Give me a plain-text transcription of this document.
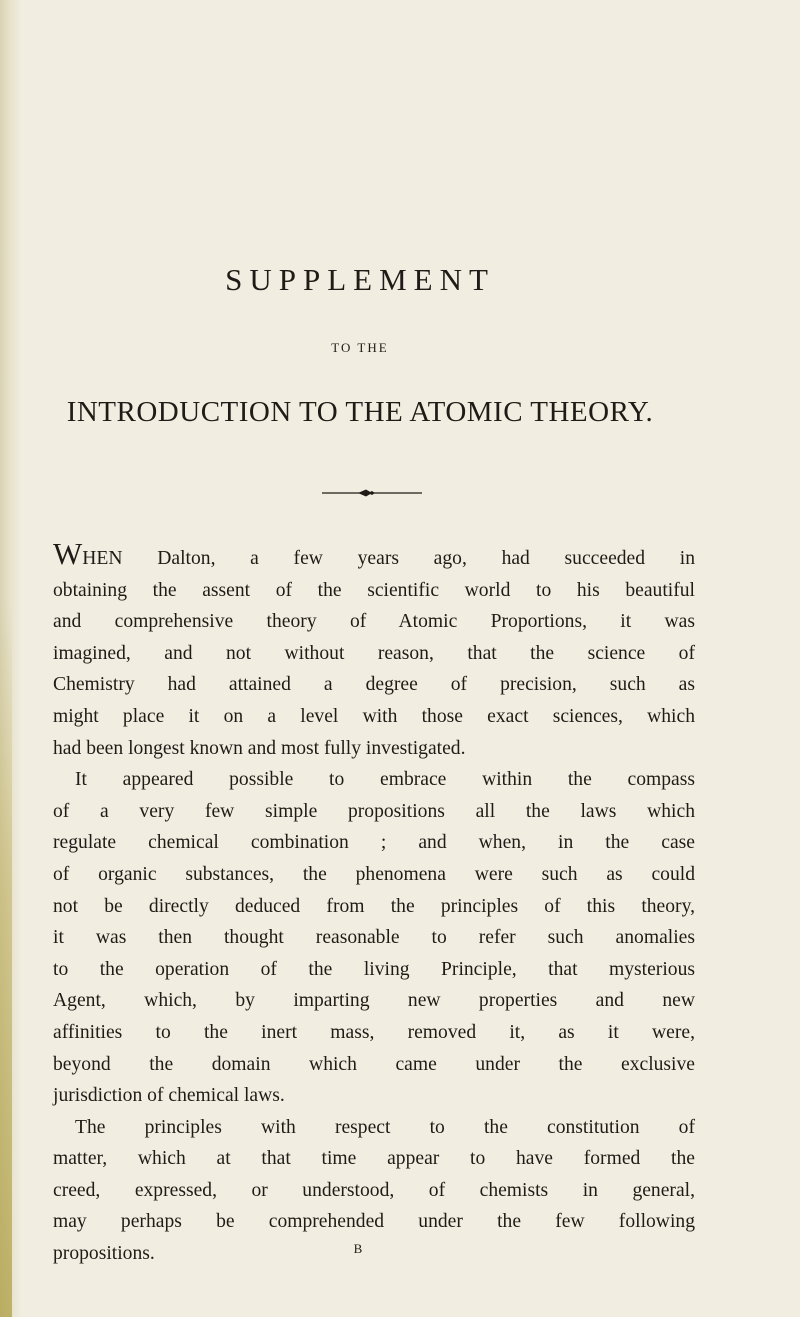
SUPPLEMENT
TO THE
INTRODUCTION TO THE ATOMIC THEORY.
WHEN Dalton, a few years ago, had succeeded in
obtaining the assent of the scientific world to his beautiful
and comprehensive theory of Atomic Proportions, it was
imagined, and not without reason, that the science of
Chemistry had attained a degree of precision, such as
might place it on a level with those exact sciences, which
had been longest known and most fully investigated.
It appeared possible to embrace within the compass
of a very few simple propositions all the laws which
regulate chemical combination ; and when, in the case
of organic substances, the phenomena were such as could
not be directly deduced from the principles of this theory,
it was then thought reasonable to refer such anomalies
to the operation of the living Principle, that mysterious
Agent, which, by imparting new properties and new
affinities to the inert mass, removed it, as it were,
beyond the domain which came under the exclusive
jurisdiction of chemical laws.
The principles with respect to the constitution of
matter, which at that time appear to have formed the
creed, expressed, or understood, of chemists in general,
may perhaps be comprehended under the few following
propositions.	B
